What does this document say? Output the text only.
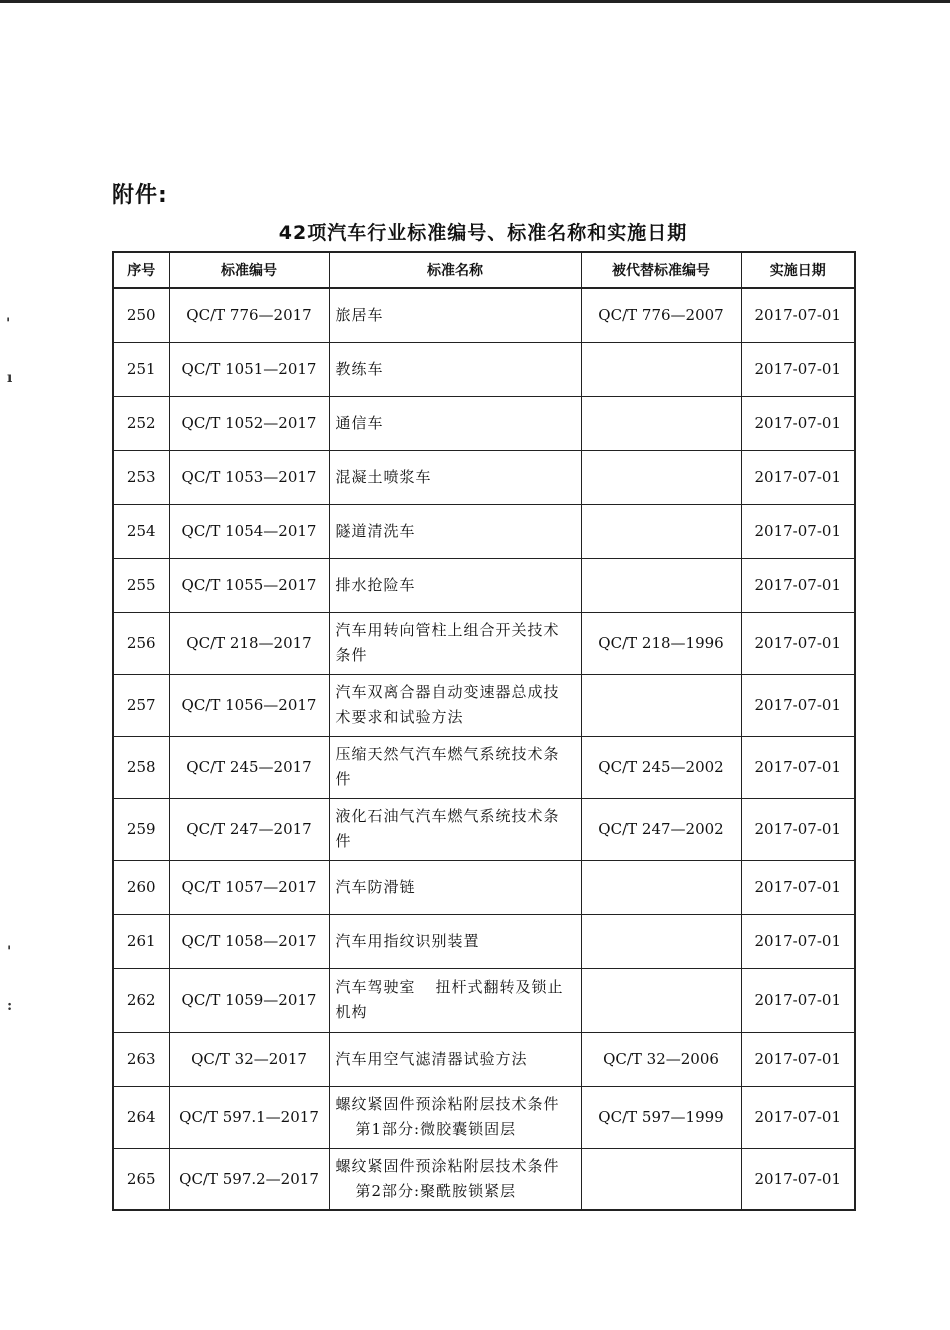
'
ı
'
:
附件:
42项汽车行业标准编号、标准名称和实施日期
序号	标准编号	标准名称	被代替标准编号	实施日期
250	QC/T 776—2017	旅居车	QC/T 776—2007	2017-07-01
251	QC/T 1051—2017	教练车		2017-07-01
252	QC/T 1052—2017	通信车		2017-07-01
253	QC/T 1053—2017	混凝土喷浆车		2017-07-01
254	QC/T 1054—2017	隧道清洗车		2017-07-01
255	QC/T 1055—2017	排水抢险车		2017-07-01
256	QC/T 218—2017	汽车用转向管柱上组合开关技术条件	QC/T 218—1996	2017-07-01
257	QC/T 1056—2017	汽车双离合器自动变速器总成技术要求和试验方法		2017-07-01
258	QC/T 245—2017	压缩天然气汽车燃气系统技术条件	QC/T 245—2002	2017-07-01
259	QC/T 247—2017	液化石油气汽车燃气系统技术条件	QC/T 247—2002	2017-07-01
260	QC/T 1057—2017	汽车防滑链		2017-07-01
261	QC/T 1058—2017	汽车用指纹识别装置		2017-07-01
262	QC/T 1059—2017	汽车驾驶室 扭杆式翻转及锁止机构		2017-07-01
263	QC/T 32—2017	汽车用空气滤清器试验方法	QC/T 32—2006	2017-07-01
264	QC/T 597.1—2017	螺纹紧固件预涂粘附层技术条件第1部分:微胶囊锁固层	QC/T 597—1999	2017-07-01
265	QC/T 597.2—2017	螺纹紧固件预涂粘附层技术条件第2部分:聚酰胺锁紧层		2017-07-01
